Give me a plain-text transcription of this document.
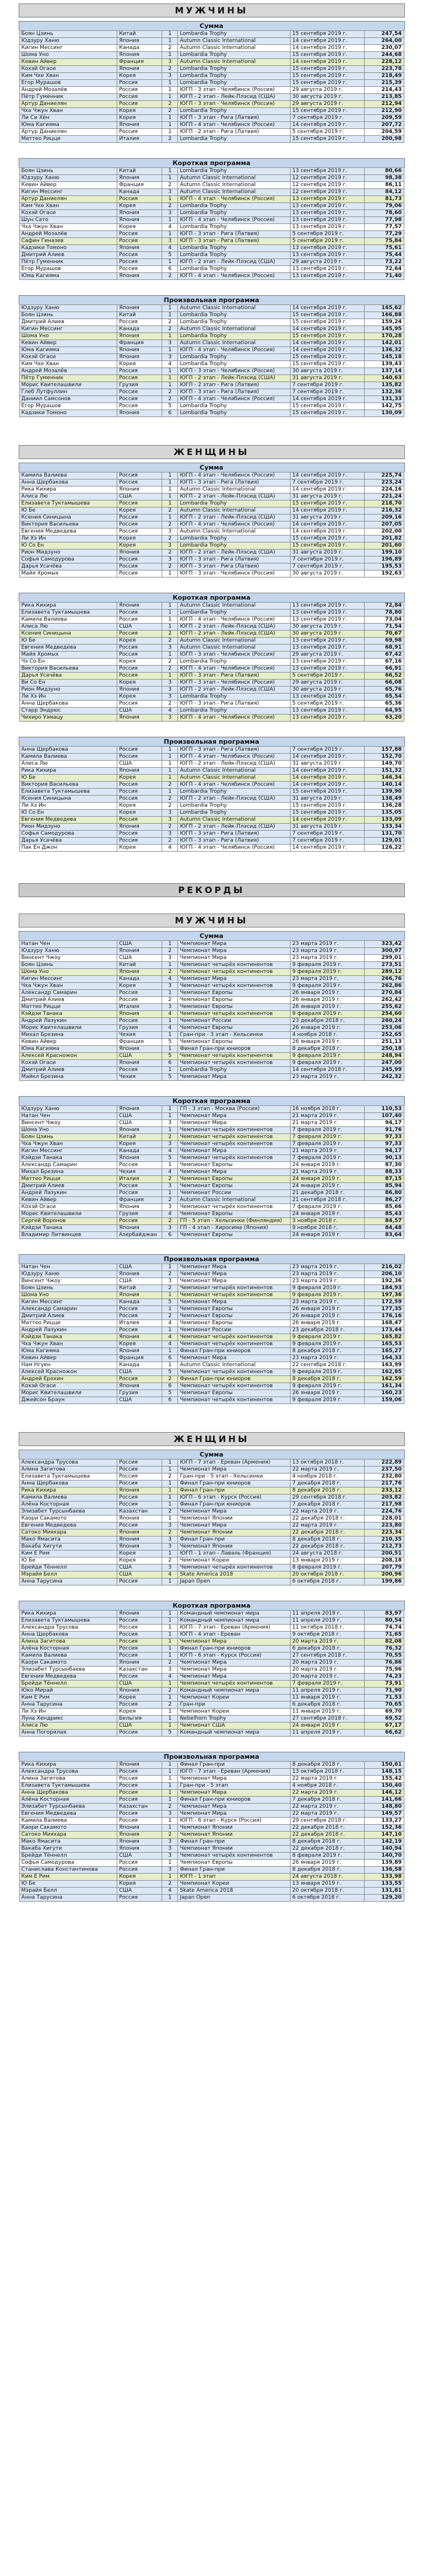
МУЖЧИНЫ
Сумма
Боян Цзинь	Китай	1	Lombardia Trophy	15 сентября 2019 г.	247,54
Юдзуру Ханю	Япония	1	Autumn Classic International	14 сентября 2019 г.	264,00
Кигин Мессинг	Канада	2	Autumn Classic International	14 сентября 2019 г.	230,07
Шома Уно	Япония	1	Lombardia Trophy	15 сентября 2019 г.	244,68
Кевин Айвер	Франция	3	Autumn Classic International	14 сентября 2019 г.	228,12
Кохэй Огаси	Япония	2	Lombardia Trophy	15 сентября 2019 г.	223,78
Ким Чхе Хван	Корея	3	Lombardia Trophy	15 сентября 2019 г.	218,49
Егор Мурашов	Россия	1	Lombardia Trophy	15 сентября 2019 г.	215,39
Андрей Мозалёв	Россия	1	ЮГП - 3 этап - Челябинск (Россия)	29 августа 2019 г.	214,43
Пётр Гуменник	Россия	1	ЮГП - 2 этап - Лейк-Плэсид (США)	30 августа 2019 г.	213,85
Артур Даниелян	Россия	2	ЮГП - 3 этап - Челябинск (Россия)	29 августа 2019 г.	212,94
Чха Чжун Хван	Корея	2	Lombardia Trophy	15 сентября 2019 г.	212,90
Ли Си Хён	Корея	1	ЮГП - 3 этап - Рига (Латвия)	7 сентября 2019 г.	209,59
Юма Кагияма	Япония	1	ЮГП - 4 этап - Челябинск (Россия)	14 сентября 2019 г.	207,72
Артур Даниелян	Россия	1	ЮГП - 2 этап - Рига (Латвия)	5 сентября 2019 г.	204,59
Маттео Рицци	Италия	2	Lombardia Trophy	15 сентября 2019 г.	200,98
Короткая программа
Боян Цзинь	Китай	1	Lombardia Trophy	13 сентября 2019 г.	80,66
Юдзуру Ханю	Япония	1	Autumn Classic International	12 сентября 2019 г.	98,38
Кевин Айвер	Франция	2	Autumn Classic International	12 сентября 2019 г.	86,11
Кигин Мессинг	Канада	3	Autumn Classic International	12 сентября 2019 г.	84,12
Артур Даниелян	Россия	1	ЮГП - 4 этап - Челябинск (Россия)	13 сентября 2019 г.	81,73
Ким Чхе Хван	Корея	2	Lombardia Trophy	13 сентября 2019 г.	79,06
Кохэй Огаси	Япония	3	Lombardia Trophy	13 сентября 2019 г.	78,60
Шун Сато	Япония	1	ЮГП - 4 этап - Челябинск (Россия)	13 сентября 2019 г.	77,98
Чха Чжун Хван	Корея	4	Lombardia Trophy	13 сентября 2019 г.	77,57
Андрей Мозалёв	Россия	1	ЮГП - 3 этап - Рига (Латвия)	5 сентября 2019 г.	77,29
Сафин Гиназев	Россия	3	ЮГП - 3 этап - Рига (Латвия)	5 сентября 2019 г.	75,84
Кадзики Томоно	Япония	4	Lombardia Trophy	13 сентября 2019 г.	75,61
Дмитрий Алиев	Россия	5	Lombardia Trophy	13 сентября 2019 г.	75,44
Пётр Гуменник	Россия	1	ЮГП - 2 этап - Лейк-Плэсид (США)	29 августа 2019 г.	73,22
Егор Мурашов	Россия	6	Lombardia Trophy	13 сентября 2019 г.	72,64
Юма Кагияма	Япония	2	ЮГП - 4 этап - Челябинск (Россия)	13 сентября 2019 г.	71,40
Произвольная программа
Юдзуру Ханю	Япония	1	Autumn Classic International	14 сентября 2019 г.	165,62
Боян Цзинь	Китай	1	Lombardia Trophy	15 сентября 2019 г.	166,88
Дмитрий Алиев	Россия	2	Lombardia Trophy	15 сентября 2019 г.	159,24
Кигин Мессинг	Канада	2	Autumn Classic International	14 сентября 2019 г.	145,95
Шома Уно	Япония	1	Lombardia Trophy	15 сентября 2019 г.	170,28
Кевин Айвер	Франция	3	Autumn Classic International	14 сентября 2019 г.	142,01
Юма Кагияма	Япония	1	ЮГП - 4 этап - Челябинск (Россия)	14 сентября 2019 г.	136,32
Кохэй Огаси	Япония	3	Lombardia Trophy	15 сентября 2019 г.	145,18
Ким Чхе Хван	Корея	4	Lombardia Trophy	15 сентября 2019 г.	139,43
Андрей Мозалёв	Россия	1	ЮГП - 3 этап - Челябинск (Россия)	30 августа 2019 г.	137,14
Пётр Гуменник	Россия	1	ЮГП - 2 этап - Лейк-Плэсид (США)	31 августа 2019 г.	140,63
Мориc Квителашвили	Грузия	1	ЮГП - 2 этап - Рига (Латвия)	7 сентября 2019 г.	135,82
Глеб Лутфуллин	Россия	2	ЮГП - 3 этап - Рига (Латвия)	7 сентября 2019 г.	132,36
Даниил Самсонов	Россия	2	ЮГП - 4 этап - Челябинск (Россия)	14 сентября 2019 г.	131,33
Егор Мурашов	Россия	5	Lombardia Trophy	15 сентября 2019 г.	142,75
Кадзики Томоно	Япония	6	Lombardia Trophy	15 сентября 2019 г.	130,09
ЖЕНЩИНЫ
Сумма
Камила Валиева	Россия	1	ЮГП - 4 этап - Челябинск (Россия)	14 сентября 2019 г.	225,74
Анна Щербакова	Россия	1	ЮГП - 3 этап - Рига (Латвия)	7 сентября 2019 г.	223,24
Рика Кихира	Япония	1	Autumn Classic International	14 сентября 2019 г.	224,16
Алиса Лю	США	1	ЮГП - 2 этап - Лейк-Плэсид (США)	31 августа 2019 г.	221,24
Елизавета Туктамышева	Россия	1	Lombardia Trophy	15 сентября 2019 г.	218,70
Ю Бе	Корея	2	Autumn Classic International	14 сентября 2019 г.	216,32
Ксения Синицына	Россия	1	ЮГП - 2 этап - Лейк-Плэсид (США)	31 августа 2019 г.	209,16
Виктория Васильева	Россия	2	ЮГП - 4 этап - Челябинск (Россия)	14 сентября 2019 г.	207,05
Евгения Медведева	Россия	3	Autumn Classic International	14 сентября 2019 г.	202,00
Ли Хэ Ин	Корея	2	Lombardia Trophy	15 сентября 2019 г.	201,82
Ю Со Ён	Корея	3	Lombardia Trophy	15 сентября 2019 г.	201,60
Рион Мидзуно	Япония	2	ЮГП - 2 этап - Лейк-Плэсид (США)	31 августа 2019 г.	199,10
Софья Самодурова	Россия	3	ЮГП - 3 этап - Рига (Латвия)	7 сентября 2019 г.	196,89
Дарья Усачёва	Россия	2	ЮГП - 3 этап - Рига (Латвия)	7 сентября 2019 г.	195,53
Майя Хромых	Россия	1	ЮГП - 3 этап - Челябинск (Россия)	30 августа 2019 г.	192,63
Короткая программа
Рика Кихира	Япония	1	Autumn Classic International	13 сентября 2019 г.	72,84
Елизавета Туктамышева	Россия	1	Lombardia Trophy	13 сентября 2019 г.	78,80
Камила Валиева	Россия	1	ЮГП - 4 этап - Челябинск (Россия)	13 сентября 2019 г.	73,04
Алиса Лю	США	1	ЮГП - 2 этап - Лейк-Плэсид (США)	30 августа 2019 г.	71,54
Ксения Синицына	Россия	2	ЮГП - 2 этап - Лейк-Плэсид (США)	30 августа 2019 г.	70,67
Ю Бе	Корея	2	Autumn Classic International	13 сентября 2019 г.	69,98
Евгения Медведева	Россия	3	Autumn Classic International	13 сентября 2019 г.	68,91
Майя Хромых	Россия	1	ЮГП - 3 этап - Челябинск (Россия)	29 августа 2019 г.	67,42
Чэ Со Ён	Корея	2	Lombardia Trophy	13 сентября 2019 г.	67,16
Виктория Васильева	Россия	2	ЮГП - 4 этап - Челябинск (Россия)	13 сентября 2019 г.	66,91
Дарья Усачёва	Россия	1	ЮГП - 3 этап - Рига (Латвия)	5 сентября 2019 г.	66,52
Ви Со Ён	Корея	3	ЮГП - 3 этап - Челябинск (Россия)	29 августа 2019 г.	66,08
Рион Мидзуно	Япония	3	ЮГП - 2 этап - Лейк-Плэсид (США)	30 августа 2019 г.	65,76
Ли Хэ Ин	Корея	3	Lombardia Trophy	13 сентября 2019 г.	65,54
Анна Щербакова	Россия	2	ЮГП - 3 этап - Рига (Латвия)	5 сентября 2019 г.	65,36
Старр Эндрюс	США	4	Lombardia Trophy	13 сентября 2019 г.	64,95
Чихиро Уэмацу	Япония	3	ЮГП - 4 этап - Челябинск (Россия)	13 сентября 2019 г.	63,20
Произвольная программа
Анна Щербакова	Россия	1	ЮГП - 3 этап - Рига (Латвия)	7 сентября 2019 г.	157,88
Камила Валиева	Россия	1	ЮГП - 4 этап - Челябинск (Россия)	14 сентября 2019 г.	152,70
Алиса Лю	США	1	ЮГП - 2 этап - Лейк-Плэсид (США)	31 августа 2019 г.	149,70
Рика Кихира	Япония	1	Autumn Classic International	14 сентября 2019 г.	151,32
Ю Бе	Корея	1	Autumn Classic International	14 сентября 2019 г.	146,34
Виктория Васильева	Россия	2	ЮГП - 4 этап - Челябинск (Россия)	14 сентября 2019 г.	140,14
Елизавета Туктамышева	Россия	1	Lombardia Trophy	15 сентября 2019 г.	139,90
Ксения Синицына	Россия	2	ЮГП - 2 этап - Лейк-Плэсид (США)	31 августа 2019 г.	138,49
Ли Хэ Ин	Корея	2	Lombardia Trophy	15 сентября 2019 г.	136,28
Ю Со Ён	Корея	3	Lombardia Trophy	15 сентября 2019 г.	135,05
Евгения Медведева	Россия	3	Autumn Classic International	14 сентября 2019 г.	133,09
Рион Мидзуно	Япония	2	ЮГП - 2 этап - Лейк-Плэсид (США)	31 августа 2019 г.	133,34
Софья Самодурова	Россия	3	ЮГП - 3 этап - Рига (Латвия)	7 сентября 2019 г.	131,70
Дарья Усачёва	Россия	2	ЮГП - 3 этап - Рига (Латвия)	7 сентября 2019 г.	129,01
Пак Ён Джон	Корея	4	ЮГП - 4 этап - Челябинск (Россия)	14 сентября 2019 г.	126,22
РЕКОРДЫ
МУЖЧИНЫ
Сумма
Натан Чен	США	1	Чемпионат Мира	23 марта 2019 г.	323,42
Юдзуру Ханю	Япония	2	Чемпионат Мира	23 марта 2019 г.	300,97
Винсент Чжоу	США	3	Чемпионат Мира	23 марта 2019 г.	299,01
Боян Цзинь	Китай	1	Чемпионат четырёх континентов	9 февраля 2019 г.	273,51
Шома Уно	Япония	2	Чемпионат четырёх континентов	9 февраля 2019 г.	289,12
Кигин Мессинг	Канада	4	Чемпионат Мира	23 марта 2019 г.	266,76
Чха Чжун Хван	Корея	3	Чемпионат четырёх континентов	9 февраля 2019 г.	262,86
Александр Самарин	Россия	1	Чемпионат Европы	26 января 2019 г.	270,84
Дмитрий Алиев	Россия	2	Чемпионат Европы	26 января 2019 г.	262,42
Маттео Рицци	Италия	3	Чемпионат Европы	26 января 2019 г.	255,62
Кэйдзи Танака	Япония	4	Чемпионат четырёх континентов	9 февраля 2019 г.	254,60
Андрей Лазукин	Россия	1	Чемпионат России	23 декабря 2018 г.	260,24
Морис Квителашвили	Грузия	4	Чемпионат Европы	26 января 2019 г.	253,06
Михал Брезина	Чехия	1	Гран-при - 3 этап - Хельсинки	4 ноября 2018 г.	252,65
Кевин Айвер	Франция	5	Чемпионат Европы	26 января 2019 г.	251,13
Юма Кагияма	Япония	1	Финал Гран-при юниоров	8 декабря 2018 г.	250,18
Алексей Красножон	США	5	Чемпионат четырёх континентов	9 февраля 2019 г.	248,94
Кохэй Огаси	Япония	6	Чемпионат четырёх континентов	9 февраля 2019 г.	247,00
Дмитрий Алиев	Россия	1	Lombardia Trophy	14 сентября 2018 г.	245,99
Майкл Брезина	Чехия	5	Чемпионат Мира	23 марта 2019 г.	242,32
Короткая программа
Юдзуру Ханю	Япония	1	ГП - 3 этап - Москва (Россия)	16 ноября 2018 г.	110,53
Натан Чен	США	1	Чемпионат Мира	21 марта 2019 г.	107,40
Винсент Чжоу	США	3	Чемпионат Мира	21 марта 2019 г.	94,17
Шома Уно	Япония	1	Чемпионат четырёх континентов	7 февраля 2019 г.	91,76
Боян Цзинь	Китай	2	Чемпионат четырёх континентов	7 февраля 2019 г.	97,33
Чха Чжун Хван	Корея	3	Чемпионат четырёх континентов	7 февраля 2019 г.	97,33
Кигин Мессинг	Канада	4	Чемпионат Мира	21 марта 2019 г.	94,17
Кэйдзи Танака	Япония	5	Чемпионат четырёх континентов	7 февраля 2019 г.	90,13
Александр Самарин	Россия	1	Чемпионат Европы	24 января 2019 г.	87,30
Михал Брезина	Чехия	4	Чемпионат Мира	21 марта 2019 г.	88,33
Маттео Рицци	Италия	2	Чемпионат Европы	24 января 2019 г.	87,15
Дмитрий Алиев	Россия	3	Чемпионат Европы	24 января 2019 г.	85,94
Андрей Лазукин	Россия	1	Чемпионат России	21 декабря 2018 г.	86,80
Кевин Айвер	Франция	2	Autumn Classic International	21 сентября 2018 г.	86,27
Кохэй Огаси	Япония	3	Чемпионат четырёх континентов	7 февраля 2019 г.	85,66
Морис Квителашвили	Грузия	4	Чемпионат Европы	24 января 2019 г.	85,43
Сергей Воронов	Россия	2	ГП - 5 этап - Хельсинки (Финляндия)	3 ноября 2018 г.	84,57
Кэйдзи Танака	Япония	3	ГП - 4 этап - Хиросима (Япония)	9 ноября 2018 г.	84,48
Владимир Литвинцев	Азербайджан	6	Чемпионат Европы	24 января 2019 г.	83,64
Произвольная программа
Натан Чен	США	1	Чемпионат Мира	23 марта 2019 г.	216,02
Юдзуру Ханю	Япония	2	Чемпионат Мира	23 марта 2019 г.	206,10
Винсент Чжоу	США	3	Чемпионат Мира	23 марта 2019 г.	192,36
Боян Цзинь	Китай	2	Чемпионат четырёх континентов	9 февраля 2019 г.	184,93
Шома Уно	Япония	1	Чемпионат четырёх континентов	9 февраля 2019 г.	197,36
Кигин Мессинг	Канада	5	Чемпионат Мира	23 марта 2019 г.	172,59
Александр Самарин	Россия	1	Чемпионат Европы	26 января 2019 г.	177,35
Дмитрий Алиев	Россия	2	Чемпионат Европы	26 января 2019 г.	176,16
Маттео Рицци	Италия	4	Чемпионат Европы	26 января 2019 г.	168,47
Андрей Лазукин	Россия	1	Чемпионат России	23 декабря 2018 г.	173,44
Кэйдзи Танака	Япония	4	Чемпионат четырёх континентов	9 февраля 2019 г.	165,82
Чха Чжун Хван	Корея	4	Чемпионат четырёх континентов	9 февраля 2019 г.	165,53
Юма Кагияма	Япония	1	Финал Гран-при юниоров	8 декабря 2018 г.	165,27
Кевин Айвер	Франция	6	Чемпионат Мира	23 марта 2019 г.	164,33
Нам Нгуен	Канада	1	Autumn Classic International	22 сентября 2018 г.	163,99
Алексей Красножон	США	5	Чемпионат четырёх континентов	9 февраля 2019 г.	162,85
Андрей Ерохин	Россия	2	Финал Гран-при юниоров	8 декабря 2018 г.	162,59
Кохэй Огаси	Япония	6	Чемпионат четырёх континентов	9 февраля 2019 г.	161,34
Морис Квителашвили	Грузия	5	Чемпионат Европы	26 января 2019 г.	160,23
Джейсон Браун	США	6	Чемпионат четырёх континентов	9 февраля 2019 г.	159,06
ЖЕНЩИНЫ
Сумма
Александра Трусова	Россия	1	ЮГП - 7 этап - Ереван (Армения)	13 октября 2018 г.	222,89
Алина Загитова	Россия	1	Чемпионат Мира	22 марта 2019 г.	237,50
Елизавета Туктамышева	Россия	2	Гран-при - 5 этап - Хельсинки	4 ноября 2018 г.	232,80
Анна Щербакова	Россия	1	Финал Гран-при юниоров	7 декабря 2018 г.	217,76
Рика Кихира	Япония	1	Финал Гран-при	8 декабря 2018 г.	233,12
Камила Валиева	Россия	1	ЮГП - 6 этап - Курск (Россия)	29 сентября 2018 г.	203,82
Алёна Косторная	Россия	1	Финал Гран-при юниоров	7 декабря 2018 г.	217,98
Элизабет Турсынбаева	Казахстан	2	Чемпионат Мира	22 марта 2019 г.	224,76
Каори Сакамото	Япония	1	Чемпионат Японии	22 декабря 2018 г.	228,01
Евгения Медведева	Россия	3	Чемпионат Мира	22 марта 2019 г.	223,80
Сатоко Мияхара	Япония	2	Чемпионат Японии	22 декабря 2018 г.	223,34
Мако Ямасита	Япония	3	Финал Гран-при	8 декабря 2018 г.	210,35
Вакаба Хигути	Япония	3	Чемпионат Японии	22 декабря 2018 г.	212,73
Ким Е Рим	Корея	1	ЮГП - 1 этап - Лаваль (Франция)	24 августа 2018 г.	200,51
Ю Бе	Корея	2	Чемпионат Кореи	13 января 2019 г.	208,18
Брейди Тённелл	США	3	Чемпионат четырёх континентов	8 февраля 2019 г.	207,79
Мэрайя Белл	США	4	Skate America 2018	20 октября 2018 г.	200,96
Анна Тарусина	Россия	1	Japan Open	6 октября 2018 г.	199,86
Короткая программа
Рика Кихира	Япония	1	Командный чемпионат мира	11 апреля 2019 г.	83,97
Елизавета Туктамышева	Россия	1	Командный чемпионат мира	11 апреля 2019 г.	80,54
Александра Трусова	Россия	1	ЮГП - 7 этап - Ереван (Армения)	11 октября 2018 г.	74,74
Анна Щербакова	Россия	1	ЮГП - 4 этап - Ереван	9 октября 2018 г.	71,65
Алина Загитова	Россия	1	Чемпионат Мира	20 марта 2019 г.	82,08
Алёна Косторная	Россия	1	Финал Гран-при юниоров	6 декабря 2018 г.	76,32
Камила Валиева	Россия	1	ЮГП - 6 этап - Курск (Россия)	27 сентября 2018 г.	70,55
Каори Сакамото	Япония	2	Чемпионат Мира	20 марта 2019 г.	76,86
Элизабет Турсынбаева	Казахстан	3	Чемпионат Мира	20 марта 2019 г.	75,96
Евгения Медведева	Россия	4	Чемпионат Мира	20 марта 2019 г.	74,23
Брейди Тённелл	США	1	Чемпионат четырёх континентов	7 февраля 2019 г.	73,91
Юко Мирай	Япония	2	Командный чемпионат мира	11 апреля 2019 г.	71,90
Ким Е Рим	Корея	1	Чемпионат Кореи	11 января 2019 г.	71,53
Анна Тарусина	Россия	2	Гран-при	6 декабря 2018 г.	70,65
Ли Хэ Ин	Корея	1	Чемпионат Кореи	11 января 2019 г.	69,70
Луна Хендрикс	Бельгия	1	Nebelhorn Trophy	27 сентября 2018 г.	69,52
Алиса Лю	США	1	Чемпионат США	24 января 2019 г.	67,17
Анна Погорилая	Россия	5	Командный чемпионат мира	11 апреля 2019 г.	66,62
Произвольная программа
Рика Кихира	Япония	1	Финал Гран-при	8 декабря 2018 г.	150,61
Александра Трусова	Россия	1	ЮГП - 7 этап - Ереван (Армения)	13 октября 2018 г.	148,15
Алина Загитова	Россия	1	Чемпионат Мира	22 марта 2019 г.	155,42
Елизавета Туктамышева	Россия	1	Гран-при - 5 этап	4 ноября 2018 г.	150,40
Анна Щербакова	Россия	1	Чемпионат Мира	22 марта 2019 г.	146,12
Алёна Косторная	Россия	1	Финал Гран-при юниоров	7 декабря 2018 г.	141,66
Элизабет Турсынбаева	Казахстан	2	Чемпионат Мира	22 марта 2019 г.	148,80
Евгения Медведева	Россия	3	Чемпионат Мира	22 марта 2019 г.	149,57
Камила Валиева	Россия	1	ЮГП - 6 этап - Курск (Россия)	29 сентября 2018 г.	133,27
Каори Сакамото	Япония	1	Чемпионат Японии	22 декабря 2018 г.	152,36
Сатоко Мияхара	Япония	2	Чемпионат Японии	22 декабря 2018 г.	147,10
Мако Ямасита	Япония	3	Финал Гран-при	8 декабря 2018 г.	142,19
Вакаба Хигути	Япония	3	Чемпионат Японии	22 декабря 2018 г.	140,94
Брейди Тённелл	США	3	Чемпионат четырёх континентов	8 февраля 2019 г.	140,70
Софья Самодурова	Россия	1	Чемпионат Европы	26 января 2019 г.	139,89
Станислава Константинова	Россия	3	Финал Гран-при	8 декабря 2018 г.	136,58
Ким Е Рим	Корея	1	ЮГП - 1 этап	24 августа 2018 г.	133,98
Ю Бе	Корея	2	Чемпионат Кореи	13 января 2019 г.	133,55
Мэрайя Белл	США	4	Skate America 2018	20 октября 2018 г.	131,81
Анна Тарусина	Россия	1	Japan Open	6 октября 2018 г.	129,20
